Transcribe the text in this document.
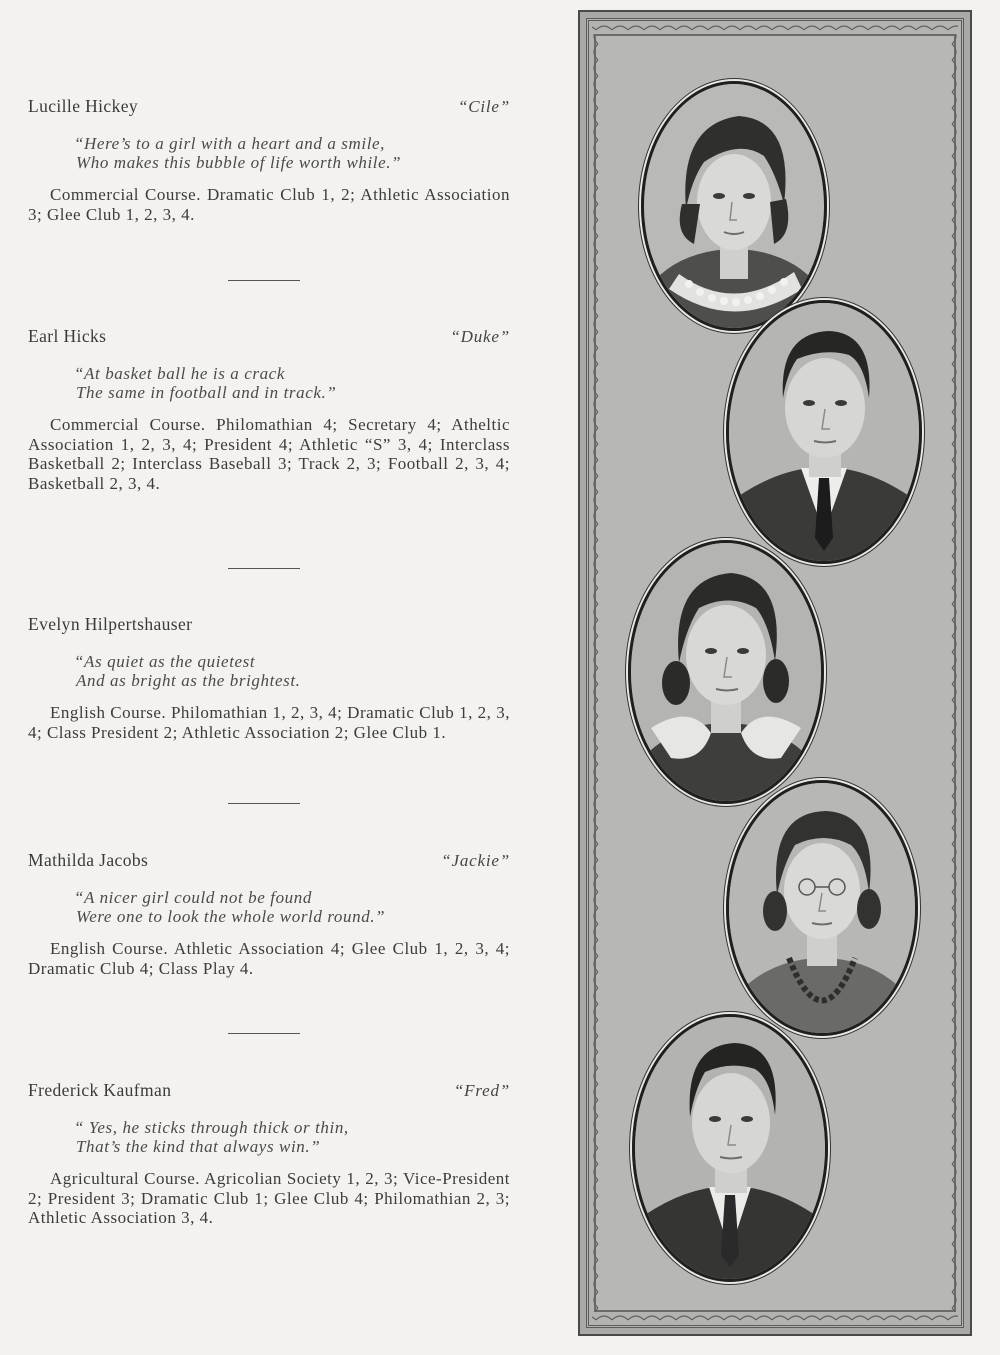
Lucille Hickey	“Cile”
“Here’s to a girl with a heart and a smile,
Who makes this bubble of life worth while.”
Commercial Course. Dramatic Club 1, 2; Athletic Association 3; Glee Club 1, 2, 3, 4.
Earl Hicks	“Duke”
“At basket ball he is a crack
The same in football and in track.”
Commercial Course. Philomathian 4; Secretary 4; Atheltic Association 1, 2, 3, 4; President 4; Athletic “S” 3, 4; Interclass Basketball 2; Interclass Baseball 3; Track 2, 3; Football 2, 3, 4; Basketball 2, 3, 4.
Evelyn Hilpertshauser
“As quiet as the quietest
And as bright as the brightest.
English Course. Philomathian 1, 2, 3, 4; Dramatic Club 1, 2, 3, 4; Class President 2; Athletic Association 2; Glee Club 1.
Mathilda Jacobs	“Jackie”
“A nicer girl could not be found
Were one to look the whole world round.”
English Course. Athletic Association 4; Glee Club 1, 2, 3, 4; Dramatic Club 4; Class Play 4.
Frederick Kaufman	“Fred”
“ Yes, he sticks through thick or thin,
That’s the kind that always win.”
Agricultural Course. Agricolian Society 1, 2, 3; Vice-President 2; President 3; Dramatic Club 1; Glee Club 4; Philomathian 2, 3; Athletic Association 3, 4.
